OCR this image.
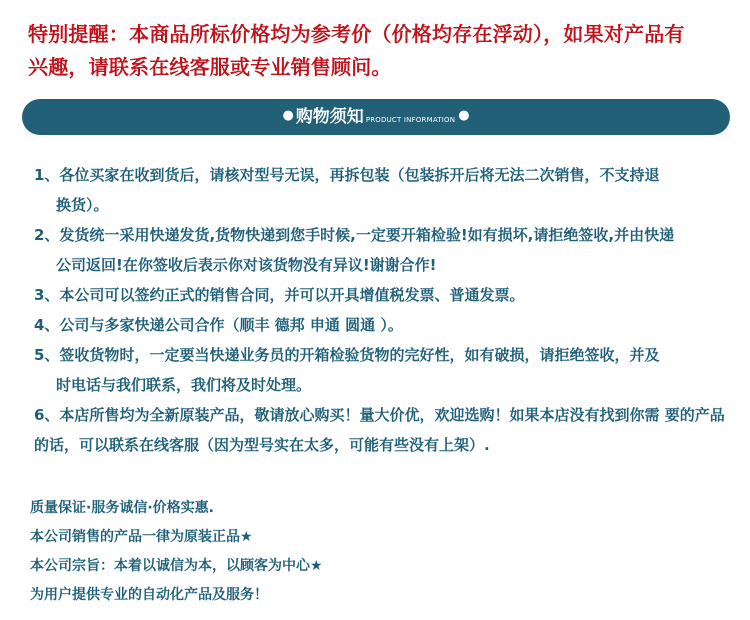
特别提醒：本商品所标价格均为参考价（价格均存在浮动），如果对产品有
兴趣，请联系在线客服或专业销售顾问。
● 购物须知 PRODUCT INFORMATION ●
1、各位买家在收到货后，请核对型号无误，再拆包装（包装拆开后将无法二次销售，不支持退
换货）。
2、发货统一采用快递发货,货物快递到您手时候,一定要开箱检验!如有损坏,请拒绝签收,并由快递
公司返回!在你签收后表示你对该货物没有异议!谢谢合作!
3、本公司可以签约正式的销售合同，并可以开具增值税发票、普通发票。
4、公司与多家快递公司合作（顺丰 德邦 申通 圆通 ）。
5、签收货物时，一定要当快递业务员的开箱检验货物的完好性，如有破损，请拒绝签收，并及
时电话与我们联系，我们将及时处理。
6、本店所售均为全新原装产品，敬请放心购买！量大价优，欢迎选购！如果本店没有找到你需 要的产品的话，可以联系在线客服（因为型号实在太多，可能有些没有上架）.
质量保证·服务诚信·价格实惠.
本公司销售的产品一律为原装正品★
本公司宗旨：本着以诚信为本，以顾客为中心★
为用户提供专业的自动化产品及服务！
